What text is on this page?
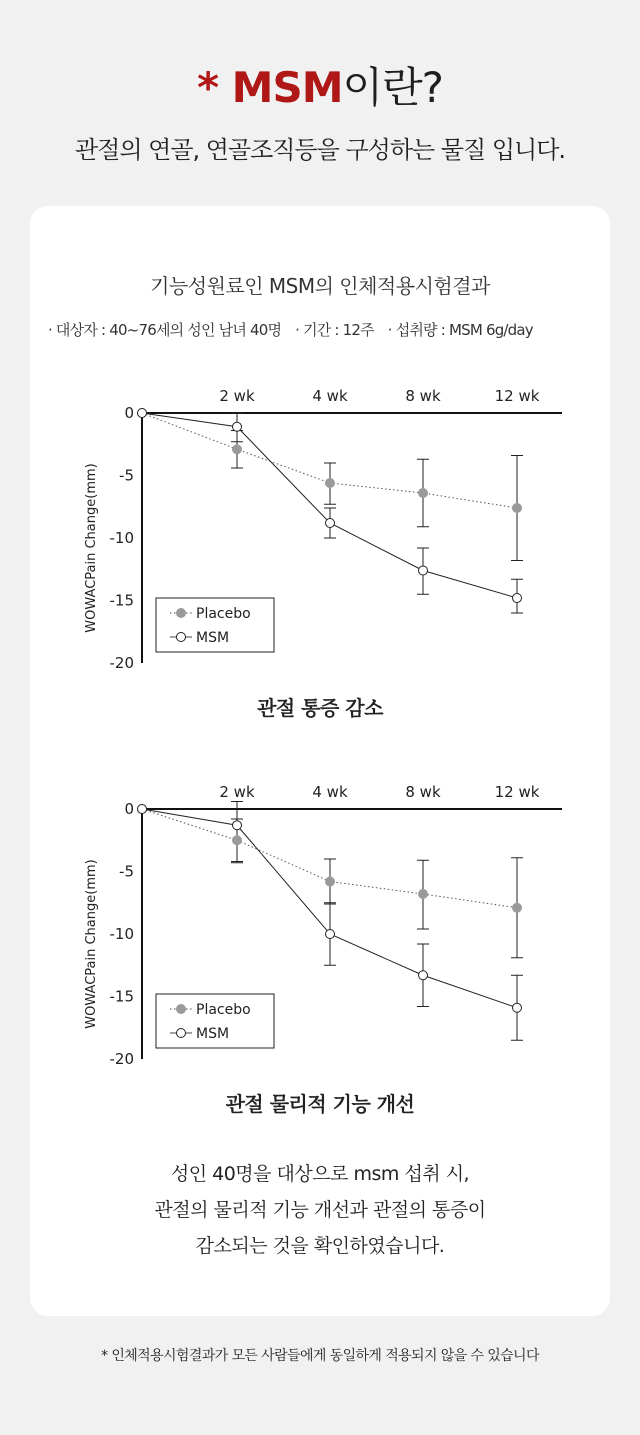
* MSM이란?
관절의 연골, 연골조직등을 구성하는 물질 입니다.
기능성원료인 MSM의 인체적용시험결과
· 대상자 : 40~76세의 성인 남녀 40명 · 기간 : 12주 · 섭취량 : MSM 6g/day
2 wk	4 wk	8 wk	12 wk
0
-5
-10
-15
-20
WOWACPain Change(mm)	Placebo
MSM
관절 통증 감소
2 wk	4 wk	8 wk	12 wk
0
-5
-10
-15
-20
WOWACPain Change(mm)	Placebo
MSM
관절 물리적 기능 개선
성인 40명을 대상으로 msm 섭취 시,
관절의 물리적 기능 개선과 관절의 통증이
감소되는 것을 확인하였습니다.
* 인체적용시험결과가 모든 사람들에게 동일하게 적용되지 않을 수 있습니다
